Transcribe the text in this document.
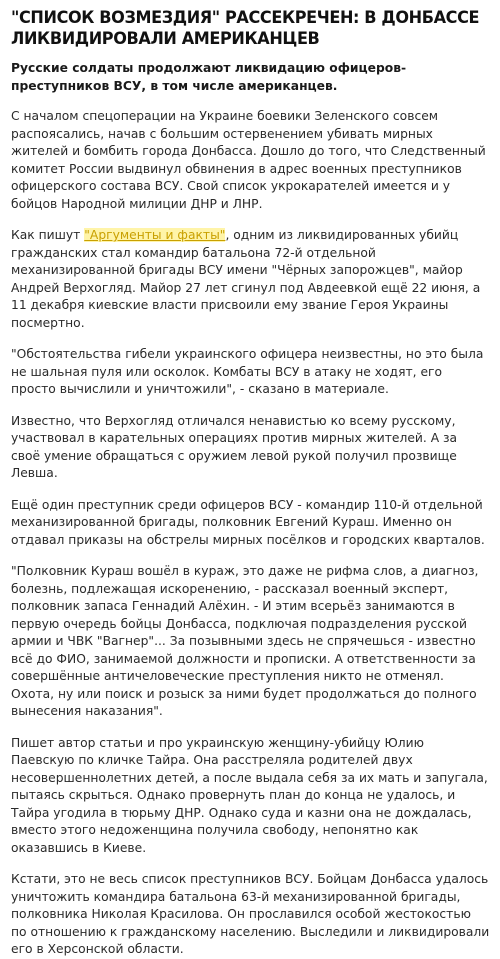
"СПИСОК ВОЗМЕЗДИЯ" РАССЕКРЕЧЕН: В ДОНБАССЕ ЛИКВИДИРОВАЛИ АМЕРИКАНЦЕВ

Русские солдаты продолжают ликвидацию офицеров-преступников ВСУ, в том числе американцев.

С началом спецоперации на Украине боевики Зеленского совсем распоясались, начав с большим остервенением убивать мирных жителей и бомбить города Донбасса. Дошло до того, что Следственный комитет России выдвинул обвинения в адрес военных преступников офицерского состава ВСУ. Свой список укрокарателей имеется и у бойцов Народной милиции ДНР и ЛНР.

Как пишут "Аргументы и факты", одним из ликвидированных убийц гражданских стал командир батальона 72-й отдельной механизированной бригады ВСУ имени "Чёрных запорожцев", майор Андрей Верхогляд. Майор 27 лет сгинул под Авдеевкой ещё 22 июня, а 11 декабря киевские власти присвоили ему звание Героя Украины посмертно.

"Обстоятельства гибели украинского офицера неизвестны, но это была не шальная пуля или осколок. Комбаты ВСУ в атаку не ходят, его просто вычислили и уничтожили", - сказано в материале.

Известно, что Верхогляд отличался ненавистью ко всему русскому, участвовал в карательных операциях против мирных жителей. А за своё умение обращаться с оружием левой рукой получил прозвище Левша.

Ещё один преступник среди офицеров ВСУ - командир 110-й отдельной механизированной бригады, полковник Евгений Кураш. Именно он отдавал приказы на обстрелы мирных посёлков и городских кварталов.

"Полковник Кураш вошёл в кураж, это даже не рифма слов, а диагноз, болезнь, подлежащая искоренению, - рассказал военный эксперт, полковник запаса Геннадий Алёхин. - И этим всерьёз занимаются в первую очередь бойцы Донбасса, подключая подразделения русской армии и ЧВК "Вагнер"... За позывными здесь не спрячешься - известно всё до ФИО, занимаемой должности и прописки. А ответственности за совершённые античеловеческие преступления никто не отменял. Охота, ну или поиск и розыск за ними будет продолжаться до полного вынесения наказания".

Пишет автор статьи и про украинскую женщину-убийцу Юлию Паевскую по кличке Тайра. Она расстреляла родителей двух несовершеннолетних детей, а после выдала себя за их мать и запугала, пытаясь скрыться. Однако провернуть план до конца не удалось, и Тайра угодила в тюрьму ДНР. Однако суда и казни она не дождалась, вместо этого недоженщина получила свободу, непонятно как оказавшись в Киеве.

Кстати, это не весь список преступников ВСУ. Бойцам Донбасса удалось уничтожить командира батальона 63-й механизированной бригады, полковника Николая Красилова. Он прославился особой жестокостью по отношению к гражданскому населению. Выследили и ликвидировали его в Херсонской области.
